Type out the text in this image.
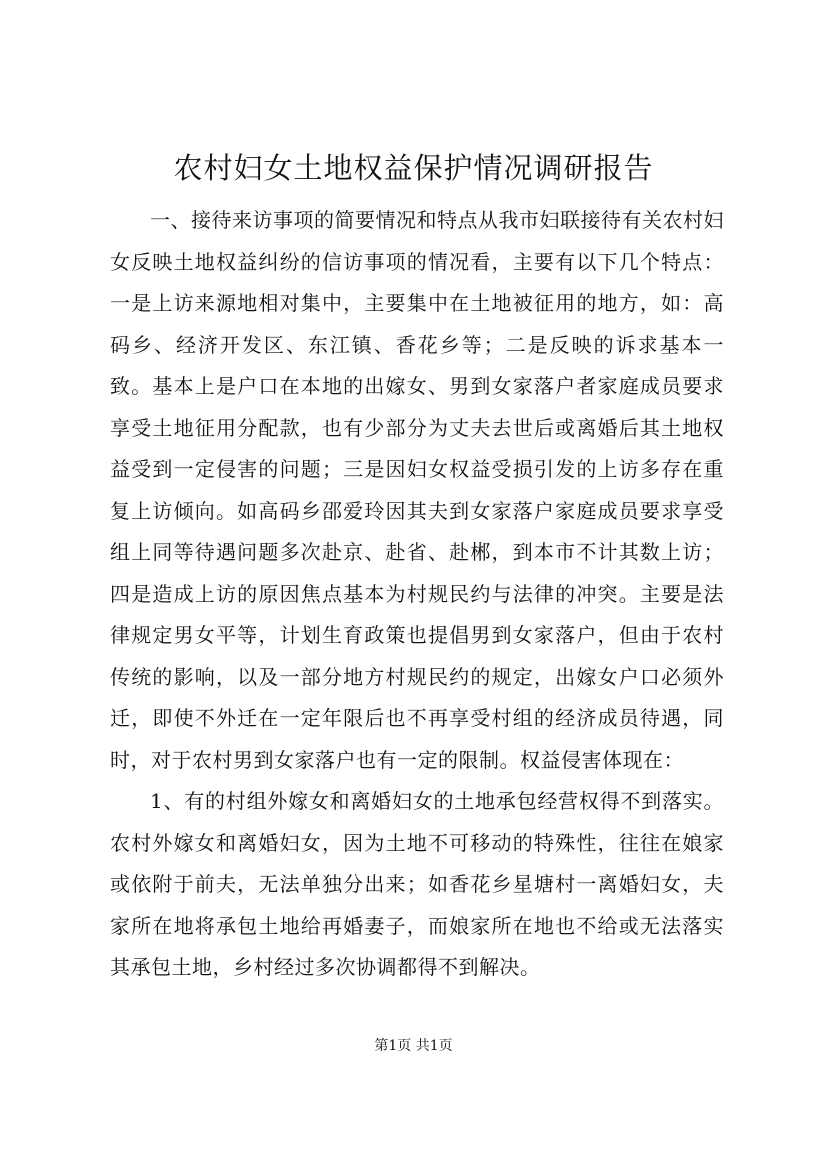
农村妇女土地权益保护情况调研报告

一、接待来访事项的简要情况和特点从我市妇联接待有关农村妇女反映土地权益纠纷的信访事项的情况看，主要有以下几个特点：一是上访来源地相对集中，主要集中在土地被征用的地方，如：高码乡、经济开发区、东江镇、香花乡等；二是反映的诉求基本一致。基本上是户口在本地的出嫁女、男到女家落户者家庭成员要求享受土地征用分配款，也有少部分为丈夫去世后或离婚后其土地权益受到一定侵害的问题；三是因妇女权益受损引发的上访多存在重复上访倾向。如高码乡邵爱玲因其夫到女家落户家庭成员要求享受组上同等待遇问题多次赴京、赴省、赴郴，到本市不计其数上访；四是造成上访的原因焦点基本为村规民约与法律的冲突。主要是法律规定男女平等，计划生育政策也提倡男到女家落户，但由于农村传统的影响，以及一部分地方村规民约的规定，出嫁女户口必须外迁，即使不外迁在一定年限后也不再享受村组的经济成员待遇，同时，对于农村男到女家落户也有一定的限制。权益侵害体现在：

1、有的村组外嫁女和离婚妇女的土地承包经营权得不到落实。农村外嫁女和离婚妇女，因为土地不可移动的特殊性，往往在娘家或依附于前夫，无法单独分出来；如香花乡星塘村一离婚妇女，夫家所在地将承包土地给再婚妻子，而娘家所在地也不给或无法落实其承包土地，乡村经过多次协调都得不到解决。

第1页 共1页
